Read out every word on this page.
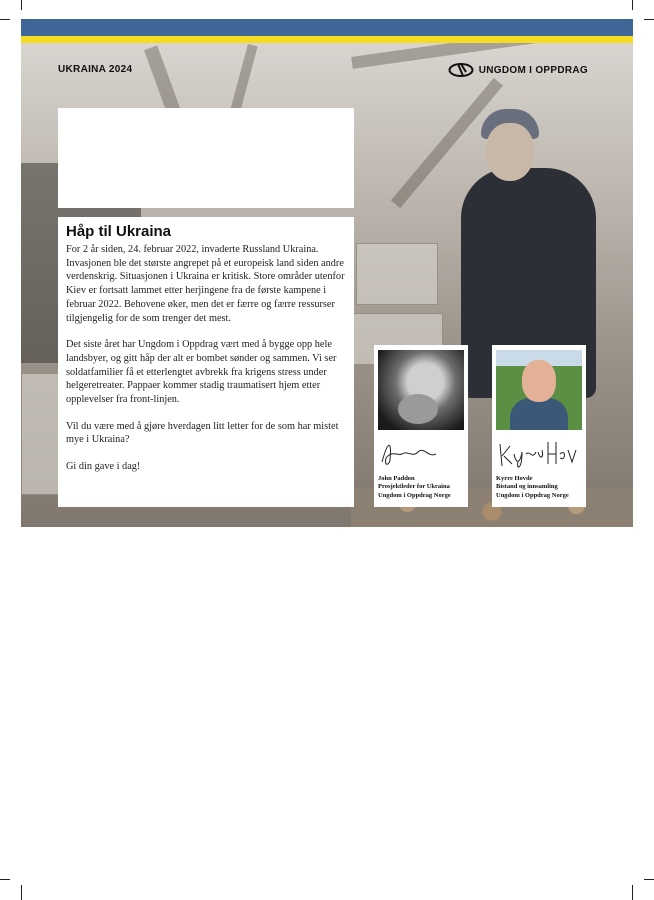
UKRAINA 2024	UNGDOM I OPPDRAG
Håp til Ukraina

For 2 år siden, 24. februar 2022, invaderte Russland Ukraina. Invasjonen ble det største angrepet på et europeisk land siden andre verdenskrig. Situasjonen i Ukraina er kritisk. Store områder utenfor Kiev er fortsatt lammet etter herjingene fra de første kampene i februar 2022. Behovene øker, men det er færre og færre ressurser tilgjengelig for de som trenger det mest.

Det siste året har Ungdom i Oppdrag vært med å bygge opp hele landsbyer, og gitt håp der alt er bombet sønder og sammen. Vi ser soldatfamilier få et etterlengtet avbrekk fra krigens stress under helgeretreater. Pappaer kommer stadig traumatisert hjem etter opplevelser fra front-linjen.

Vil du være med å gjøre hverdagen litt letter for de som har mistet mye i Ukraina?

Gi din gave i dag!

John Paddon
Prosjektleder for Ukraina
Ungdom i Oppdrag Norge
Kyrre Hovde
Bistand og innsamling
Ungdom i Oppdrag Norge
